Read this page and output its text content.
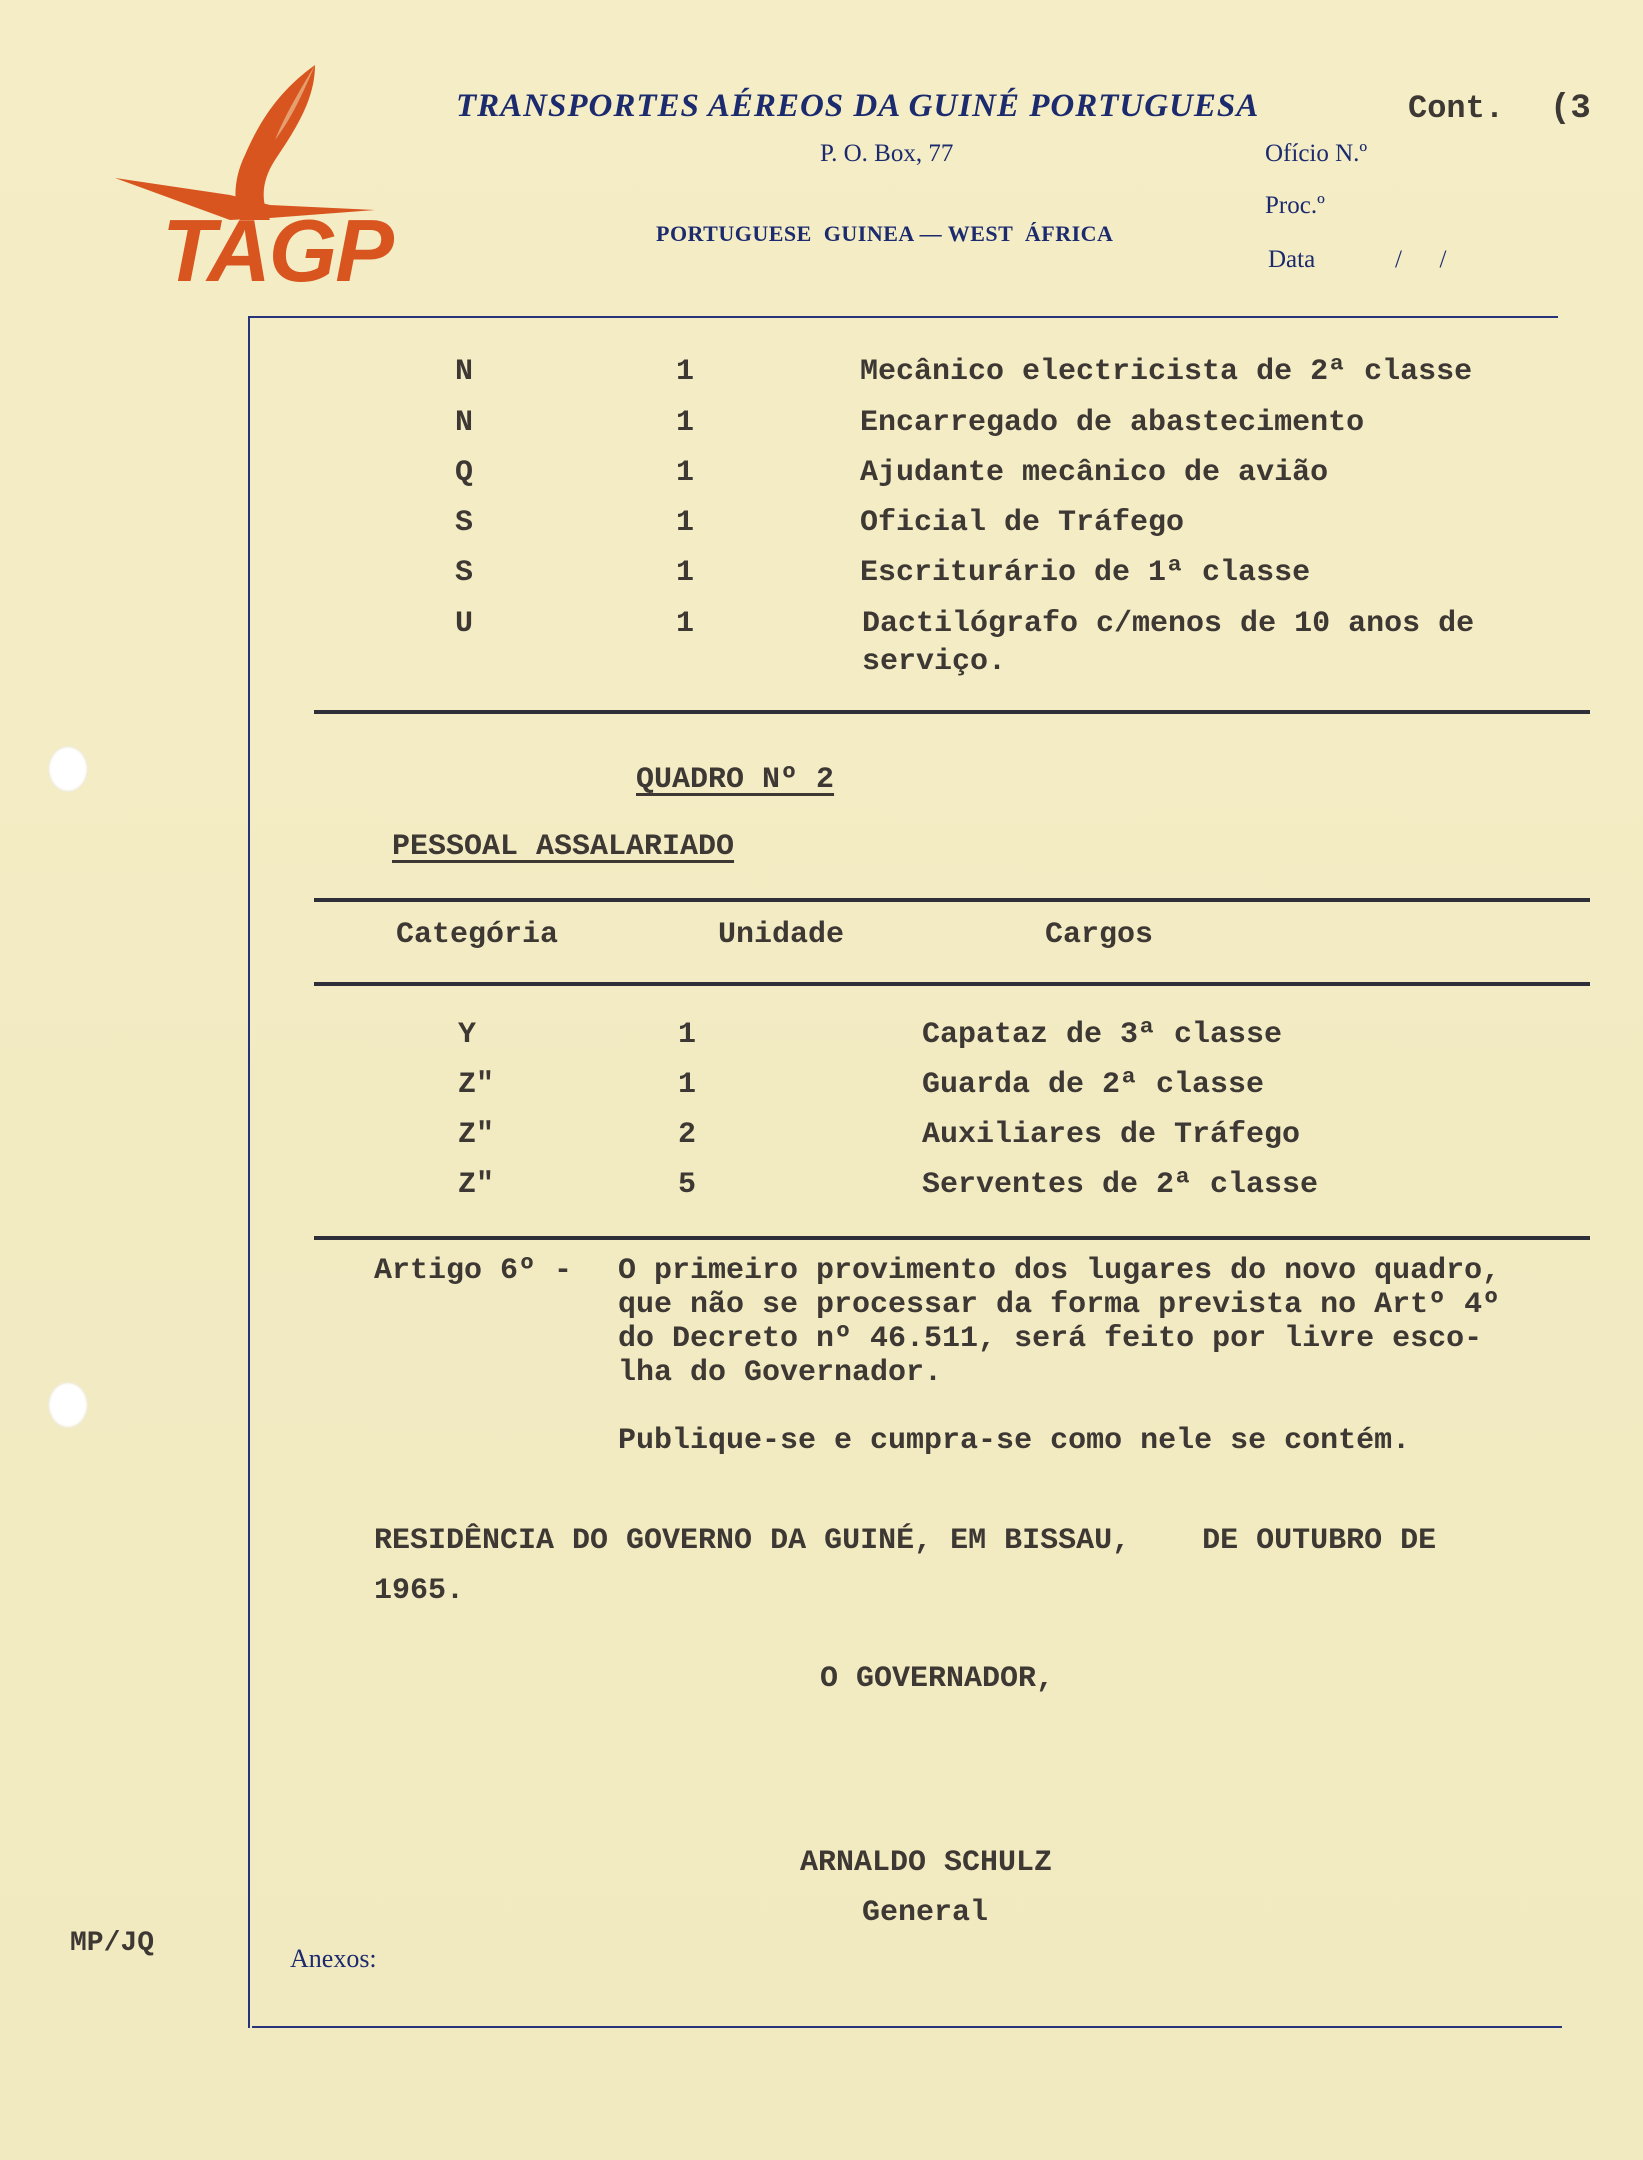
TAGP
TRANSPORTES AÉREOS DA GUINÉ PORTUGUESA	Cont. (3
P. O. Box, 77	Ofício N.º
Proc.º
PORTUGUESE  GUINEA — WEST  ÁFRICA
Data	/      /
N	1	Mecânico electricista de 2ª classe
N	1	Encarregado de abastecimento
Q	1	Ajudante mecânico de avião
S	1	Oficial de Tráfego
S	1	Escriturário de 1ª classe
U	1	Dactilógrafo c/menos de 10 anos de
serviço.
QUADRO Nº 2
PESSOAL ASSALARIADO
Categória	Unidade	Cargos
Y	1	Capataz de 3ª classe
Z"	1	Guarda de 2ª classe
Z"	2	Auxiliares de Tráfego
Z"	5	Serventes de 2ª classe
Artigo 6º - O primeiro provimento dos lugares do novo quadro,
que não se processar da forma prevista no Artº 4º
do Decreto nº 46.511, será feito por livre esco-
lha do Governador.
Publique-se e cumpra-se como nele se contém.
RESIDÊNCIA DO GOVERNO DA GUINÉ, EM BISSAU,    DE OUTUBRO DE
1965.
O GOVERNADOR,
ARNALDO SCHULZ
General
MP/JQ	Anexos:
